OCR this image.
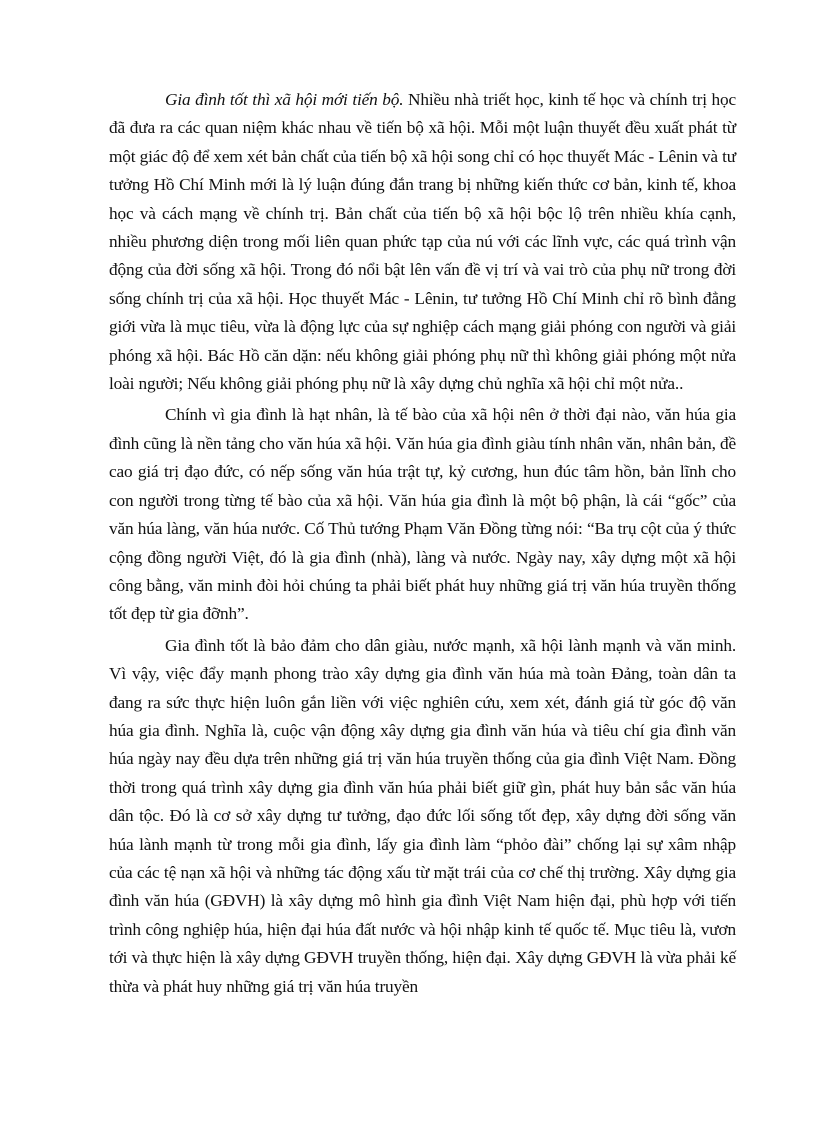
Gia đình tốt thì xã hội mới tiến bộ. Nhiều nhà triết học, kinh tế học và chính trị học đã đưa ra các quan niệm khác nhau về tiến bộ xã hội. Mỗi một luận thuyết đều xuất phát từ một giác độ để xem xét bản chất của tiến bộ xã hội song chỉ có học thuyết Mác - Lênin và tư tưởng Hồ Chí Minh mới là lý luận đúng đắn trang bị những kiến thức cơ bản, kinh tế, khoa học và cách mạng về chính trị. Bản chất của tiến bộ xã hội bộc lộ trên nhiều khía cạnh, nhiều phương diện trong mối liên quan phức tạp của nú với các lĩnh vực, các quá trình vận động của đời sống xã hội. Trong đó nổi bật lên vấn đề vị trí và vai trò của phụ nữ trong đời sống chính trị của xã hội. Học thuyết Mác - Lênin, tư tưởng Hồ Chí Minh chỉ rõ bình đẳng giới vừa là mục tiêu, vừa là động lực của sự nghiệp cách mạng giải phóng con người và giải phóng xã hội. Bác Hồ căn dặn: nếu không giải phóng phụ nữ thì không giải phóng một nửa loài người; Nếu không giải phóng phụ nữ là xây dựng chủ nghĩa xã hội chỉ một nửa..

Chính vì gia đình là hạt nhân, là tế bào của xã hội nên ở thời đại nào, văn húa gia đình cũng là nền tảng cho văn húa xã hội. Văn húa gia đình giàu tính nhân văn, nhân bản, đề cao giá trị đạo đức, có nếp sống văn húa trật tự, kỷ cương, hun đúc tâm hồn, bản lĩnh cho con người trong từng tế bào của xã hội. Văn húa gia đình là một bộ phận, là cái “gốc” của văn húa làng, văn húa nước. Cố Thủ tướng Phạm Văn Đồng từng nói: “Ba trụ cột của ý thức cộng đồng người Việt, đó là gia đình (nhà), làng và nước. Ngày nay, xây dựng một xã hội công bằng, văn minh đòi hỏi chúng ta phải biết phát huy những giá trị văn húa truyền thống tốt đẹp từ gia đỡnh”.

Gia đình tốt là bảo đảm cho dân giàu, nước mạnh, xã hội lành mạnh và văn minh. Vì vậy, việc đẩy mạnh phong trào xây dựng gia đình văn húa mà toàn Đảng, toàn dân ta đang ra sức thực hiện luôn gắn liền với việc nghiên cứu, xem xét, đánh giá từ góc độ văn húa gia đình. Nghĩa là, cuộc vận động xây dựng gia đình văn húa và tiêu chí gia đình văn húa ngày nay đều dựa trên những giá trị văn húa truyền thống của gia đình Việt Nam. Đồng thời trong quá trình xây dựng gia đình văn húa phải biết giữ gìn, phát huy bản sắc văn húa dân tộc. Đó là cơ sở xây dựng tư tưởng, đạo đức lối sống tốt đẹp, xây dựng đời sống văn húa lành mạnh từ trong mỗi gia đình, lấy gia đình làm “phỏo đài” chống lại sự xâm nhập của các tệ nạn xã hội và những tác động xấu từ mặt trái của cơ chế thị trường. Xây dựng gia đình văn húa (GĐVH) là xây dựng mô hình gia đình Việt Nam hiện đại, phù hợp với tiến trình công nghiệp húa, hiện đại húa đất nước và hội nhập kinh tế quốc tế. Mục tiêu là, vươn tới và thực hiện là xây dựng GĐVH truyền thống, hiện đại. Xây dựng GĐVH là vừa phải kế thừa và phát huy những giá trị văn húa truyền
